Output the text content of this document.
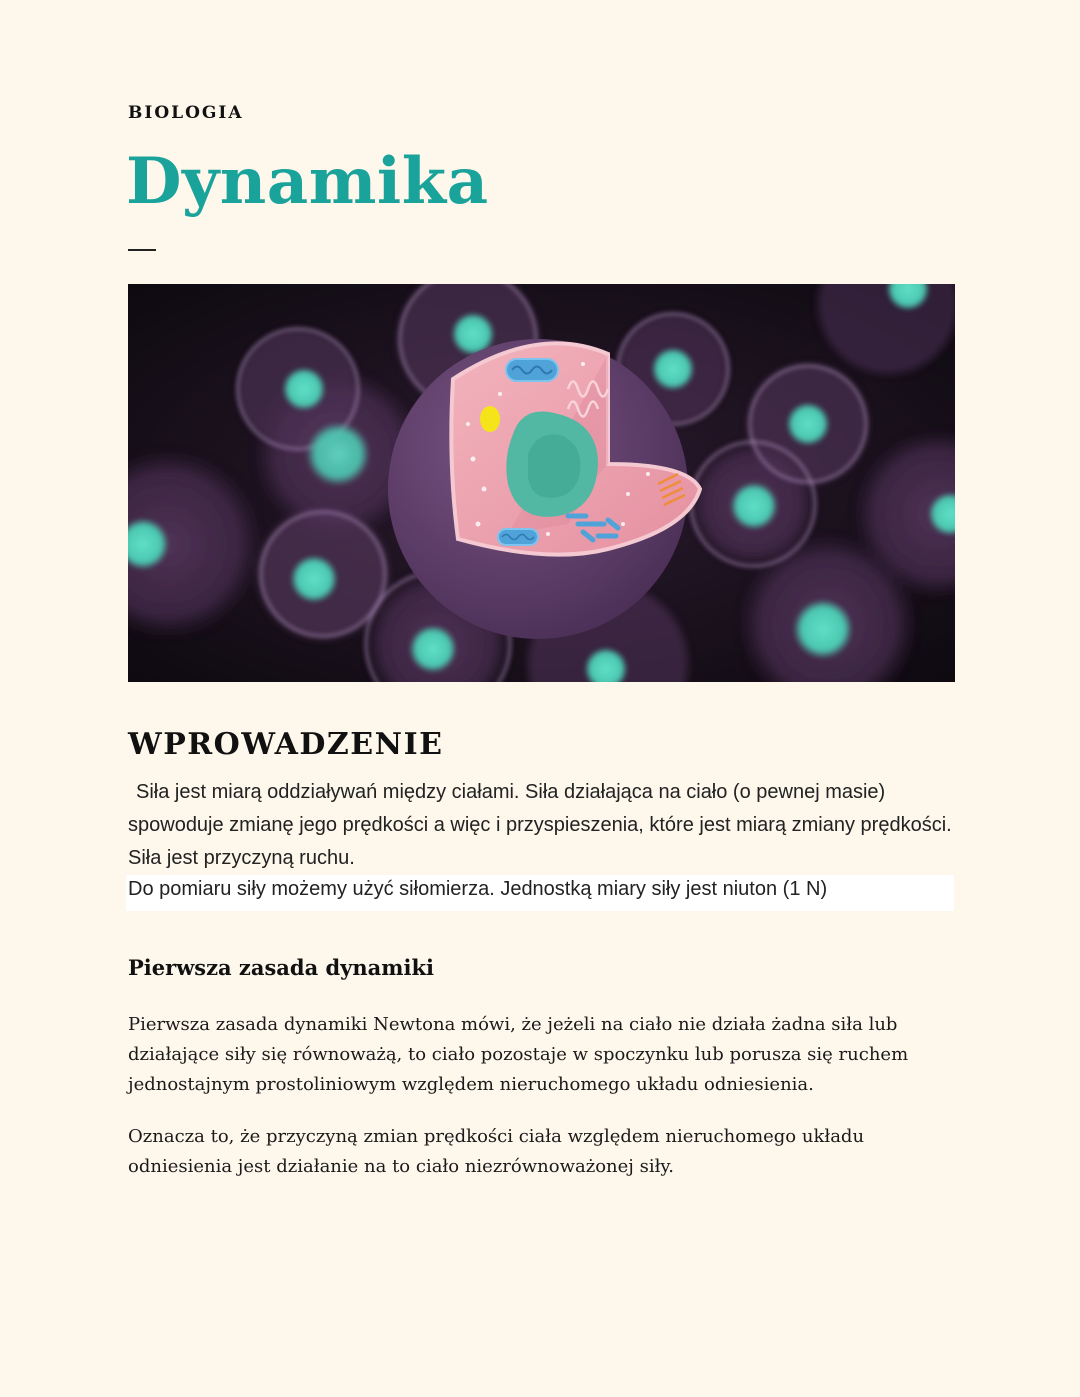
BIOLOGIA
Dynamika
WPROWADZENIE

Siła jest miarą oddziaływań między ciałami. Siła działająca na ciało (o pewnej masie) spowoduje zmianę jego prędkości a więc i przyspieszenia, które jest miarą zmiany prędkości. Siła jest przyczyną ruchu.

Do pomiaru siły możemy użyć siłomierza. Jednostką miary siły jest niuton (1 N)

Pierwsza zasada dynamiki

Pierwsza zasada dynamiki Newtona mówi, że jeżeli na ciało nie działa żadna siła lub działające siły się równoważą, to ciało pozostaje w spoczynku lub porusza się ruchem jednostajnym prostoliniowym względem nieruchomego układu odniesienia.

Oznacza to, że przyczyną zmian prędkości ciała względem nieruchomego układu odniesienia jest działanie na to ciało niezrównoważonej siły.
